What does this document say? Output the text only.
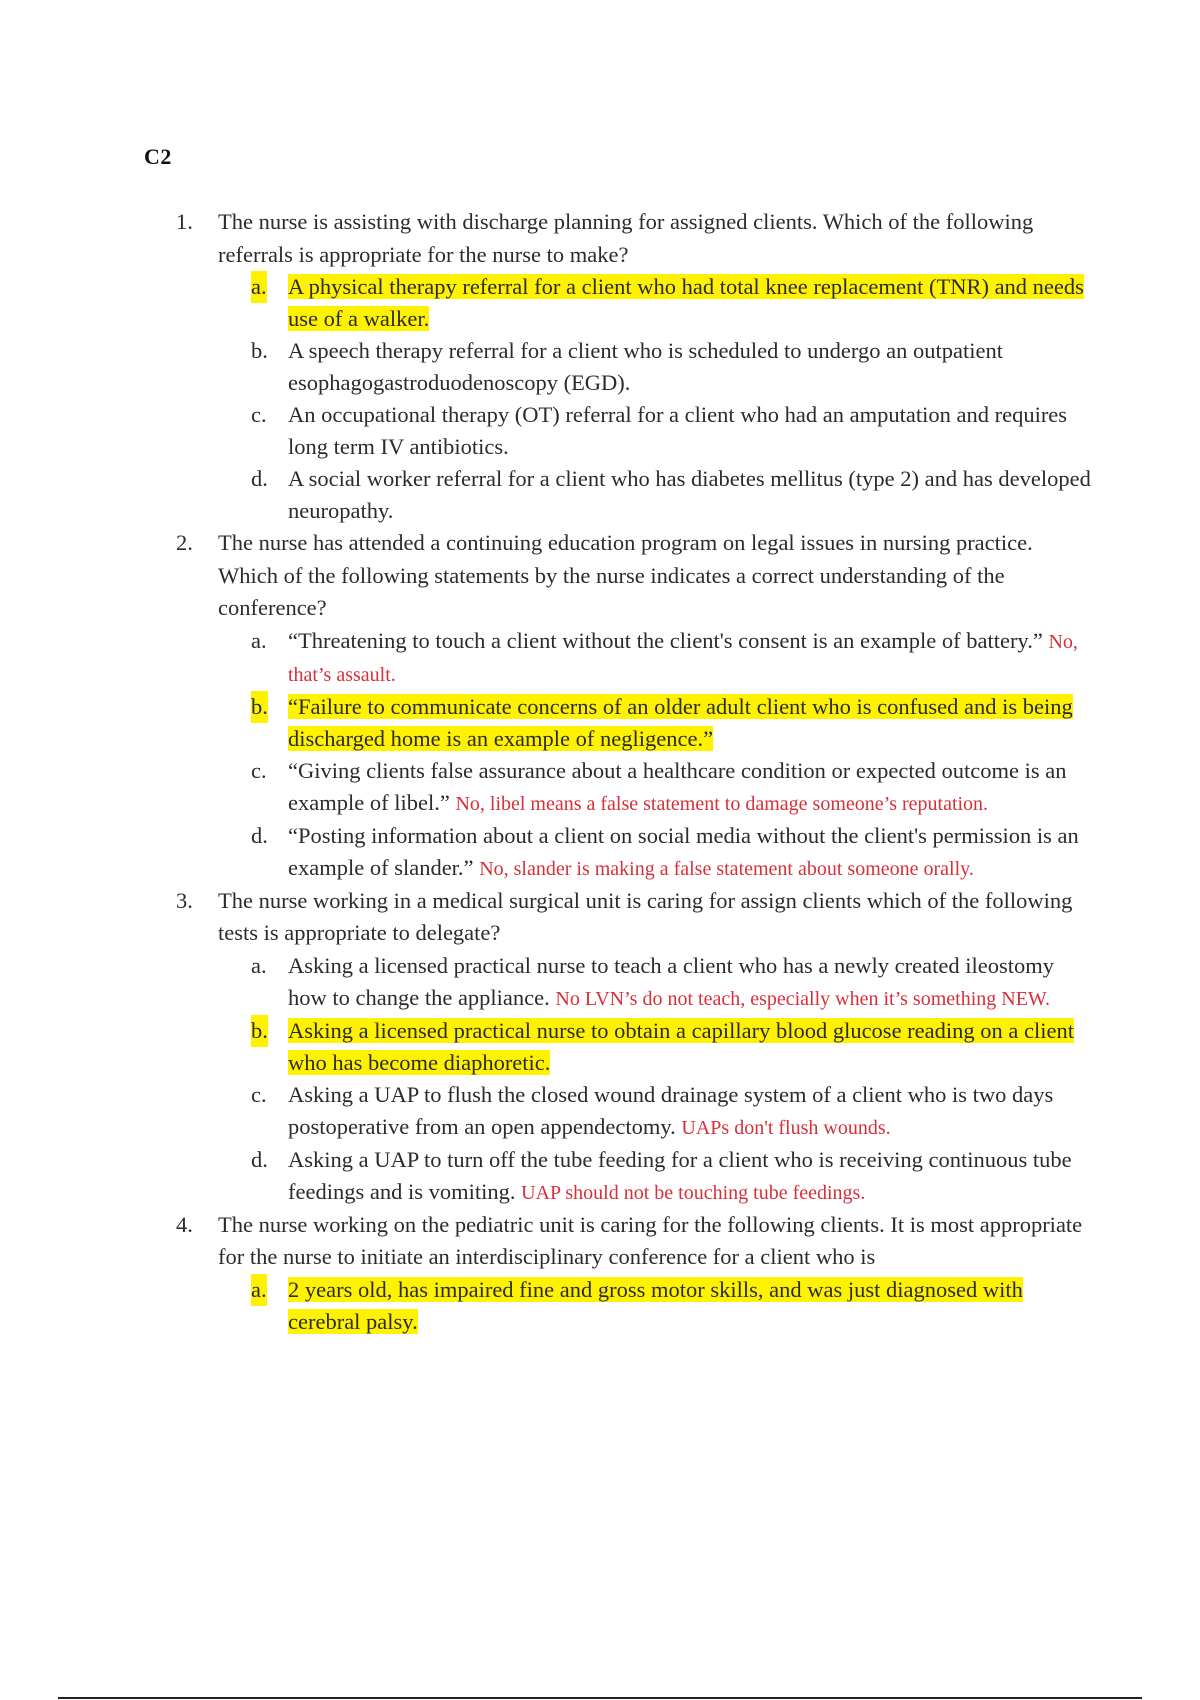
C2
1. The nurse is assisting with discharge planning for assigned clients. Which of the following referrals is appropriate for the nurse to make?
a. A physical therapy referral for a client who had total knee replacement (TNR) and needs use of a walker.
b. A speech therapy referral for a client who is scheduled to undergo an outpatient esophagogastroduodenoscopy (EGD).
c. An occupational therapy (OT) referral for a client who had an amputation and requires long term IV antibiotics.
d. A social worker referral for a client who has diabetes mellitus (type 2) and has developed neuropathy.
2. The nurse has attended a continuing education program on legal issues in nursing practice. Which of the following statements by the nurse indicates a correct understanding of the conference?
a. “Threatening to touch a client without the client's consent is an example of battery.” No, that’s assault.
b. “Failure to communicate concerns of an older adult client who is confused and is being discharged home is an example of negligence.”
c. “Giving clients false assurance about a healthcare condition or expected outcome is an example of libel.” No, libel means a false statement to damage someone’s reputation.
d. “Posting information about a client on social media without the client's permission is an example of slander.” No, slander is making a false statement about someone orally.
3. The nurse working in a medical surgical unit is caring for assign clients which of the following tests is appropriate to delegate?
a. Asking a licensed practical nurse to teach a client who has a newly created ileostomy how to change the appliance. No LVN’s do not teach, especially when it’s something NEW.
b. Asking a licensed practical nurse to obtain a capillary blood glucose reading on a client who has become diaphoretic.
c. Asking a UAP to flush the closed wound drainage system of a client who is two days postoperative from an open appendectomy. UAPs don't flush wounds.
d. Asking a UAP to turn off the tube feeding for a client who is receiving continuous tube feedings and is vomiting. UAP should not be touching tube feedings.
4. The nurse working on the pediatric unit is caring for the following clients. It is most appropriate for the nurse to initiate an interdisciplinary conference for a client who is
a. 2 years old, has impaired fine and gross motor skills, and was just diagnosed with cerebral palsy.
